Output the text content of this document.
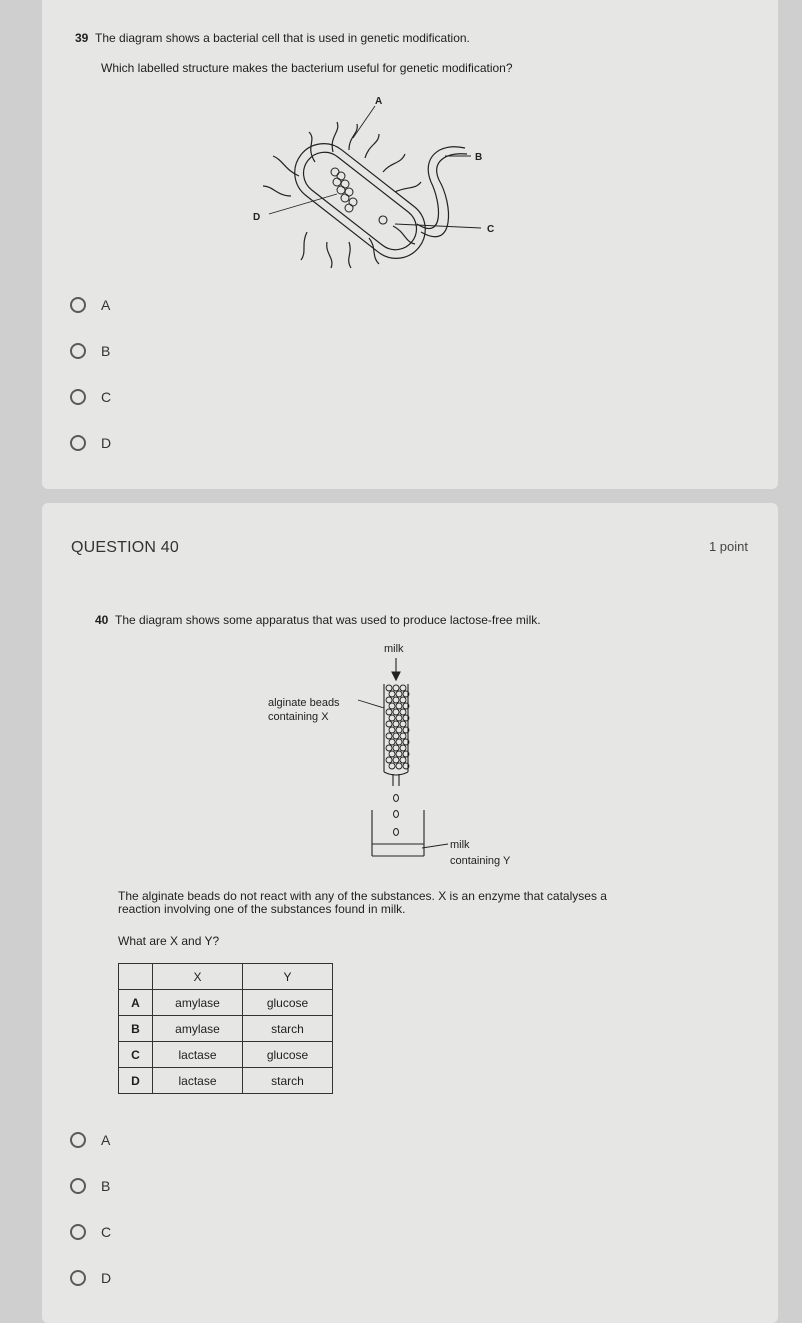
39 The diagram shows a bacterial cell that is used in genetic modification.
Which labelled structure makes the bacterium useful for genetic modification?
A
B
C
D
A
B
C
D
QUESTION 40	1 point
40 The diagram shows some apparatus that was used to produce lactose-free milk.
milk
alginate beads
containing X
milk
containing Y
The alginate beads do not react with any of the substances. X is an enzyme that catalyses a
reaction involving one of the substances found in milk.
What are X and Y?
	X	Y
A	amylase	glucose
B	amylase	starch
C	lactase	glucose
D	lactase	starch
A
B
C
D
